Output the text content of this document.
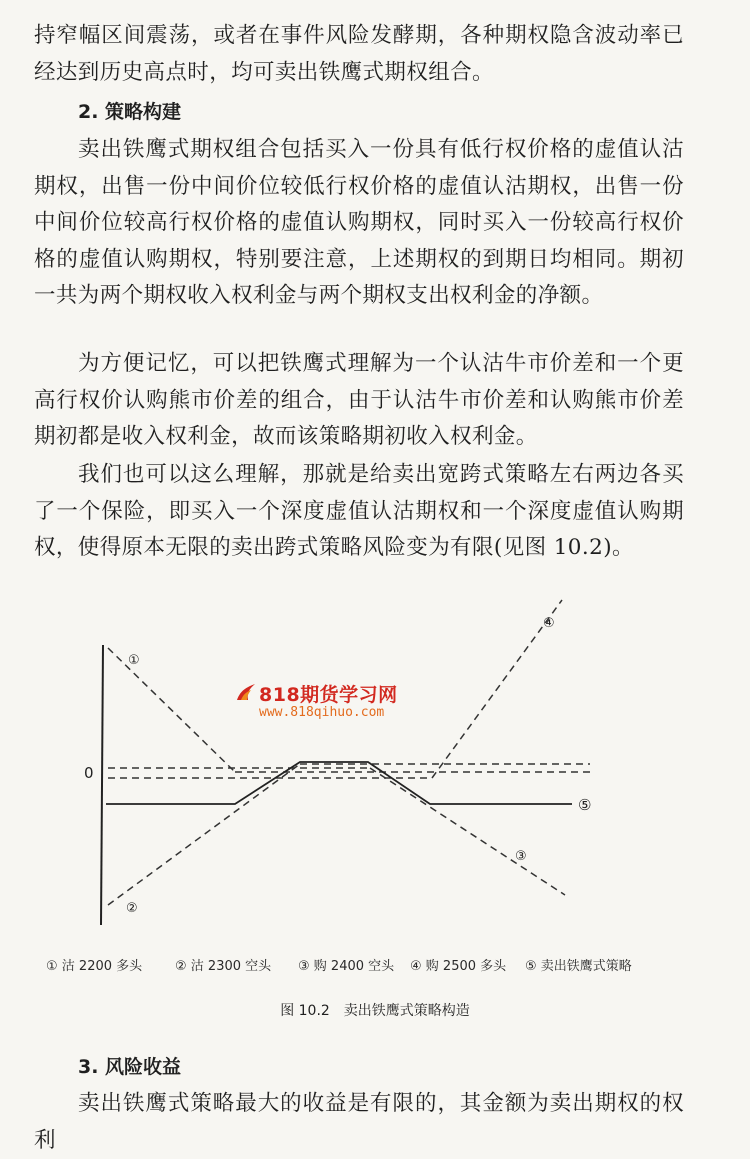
持窄幅区间震荡，或者在事件风险发酵期，各种期权隐含波动率已经达到历史高点时，均可卖出铁鹰式期权组合。

2. 策略构建

卖出铁鹰式期权组合包括买入一份具有低行权价格的虚值认沽期权，出售一份中间价位较低行权价格的虚值认沽期权，出售一份中间价位较高行权价格的虚值认购期权，同时买入一份较高行权价格的虚值认购期权，特别要注意，上述期权的到期日均相同。期初一共为两个期权收入权利金与两个期权支出权利金的净额。

为方便记忆，可以把铁鹰式理解为一个认沽牛市价差和一个更高行权价认购熊市价差的组合，由于认沽牛市价差和认购熊市价差期初都是收入权利金，故而该策略期初收入权利金。

我们也可以这么理解，那就是给卖出宽跨式策略左右两边各买了一个保险，即买入一个深度虚值认沽期权和一个深度虚值认购期权，使得原本无限的卖出跨式策略风险变为有限(见图 10.2)。

0
①
②
③
④
⑤
818期货学习网
www.818qihuo.com
① 沽 2200 多头	② 沽 2300 空头 ③ 购 2400 空头 ④ 购 2500 多头 ⑤ 卖出铁鹰式策略
图 10.2　卖出铁鹰式策略构造
3. 风险收益

卖出铁鹰式策略最大的收益是有限的，其金额为卖出期权的权利
